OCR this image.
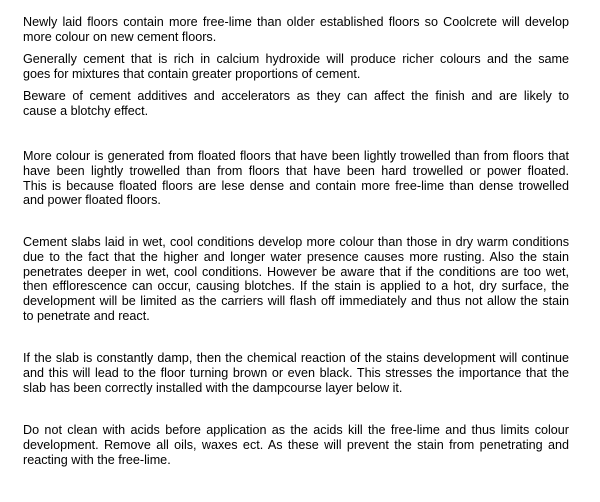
Newly laid floors contain more free-lime than older established floors so Coolcrete will develop
more colour on new cement floors.
Generally cement that is rich in calcium hydroxide will produce richer colours and the same
goes for mixtures that contain greater proportions of cement.
Beware of cement additives and accelerators as they can affect the finish and are likely to
cause a blotchy effect.
More colour is generated from floated floors that have been lightly trowelled than from floors that
have been lightly trowelled than from floors that have been hard trowelled or power floated.
This is because floated floors are lese dense and contain more free-lime than dense trowelled
and power floated floors.
Cement slabs laid in wet, cool conditions develop more colour than those in dry warm conditions
due to the fact that the higher and longer water presence causes more rusting. Also the stain
penetrates deeper in wet, cool conditions. However be aware that if the conditions are too wet,
then efflorescence can occur, causing blotches. If the stain is applied to a hot, dry surface, the
development will be limited as the carriers will flash off immediately and thus not allow the stain
to penetrate and react.
If the slab is constantly damp, then the chemical reaction of the stains development will continue
and this will lead to the floor turning brown or even black. This stresses the importance that the
slab has been correctly installed with the dampcourse layer below it.
Do not clean with acids before application as the acids kill the free-lime and thus limits colour
development. Remove all oils, waxes ect. As these will prevent the stain from penetrating and
reacting with the free-lime.
